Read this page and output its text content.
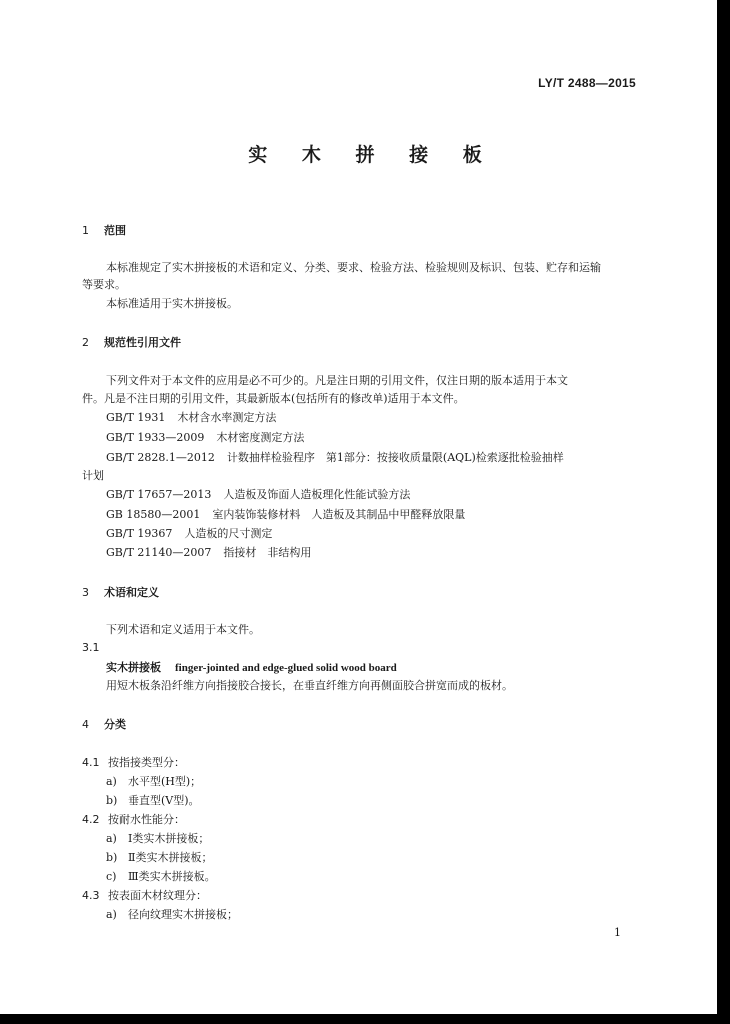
LY/T 2488—2015
实 木 拼 接 板
1 范围
本标准规定了实木拼接板的术语和定义、分类、要求、检验方法、检验规则及标识、包装、贮存和运输
等要求。
本标准适用于实木拼接板。
2 规范性引用文件
下列文件对于本文件的应用是必不可少的。凡是注日期的引用文件，仅注日期的版本适用于本文
件。凡是不注日期的引用文件，其最新版本(包括所有的修改单)适用于本文件。
GB/T 1931 木材含水率测定方法
GB/T 1933—2009 木材密度测定方法
GB/T 2828.1—2012 计数抽样检验程序　第1部分：按接收质量限(AQL)检索逐批检验抽样
计划
GB/T 17657—2013 人造板及饰面人造板理化性能试验方法
GB 18580—2001 室内装饰装修材料　人造板及其制品中甲醛释放限量
GB/T 19367 人造板的尺寸测定
GB/T 21140—2007 指接材　非结构用
3 术语和定义
下列术语和定义适用于本文件。
3.1
实木拼接板 finger-jointed and edge-glued solid wood board
用短木板条沿纤维方向指接胶合接长，在垂直纤维方向再侧面胶合拼宽而成的板材。
4 分类
4.1 按指接类型分：
a) 水平型(H型)；
b) 垂直型(V型)。
4.2 按耐水性能分：
a) Ⅰ类实木拼接板；
b) Ⅱ类实木拼接板；
c) Ⅲ类实木拼接板。
4.3 按表面木材纹理分：
a) 径向纹理实木拼接板；
1
